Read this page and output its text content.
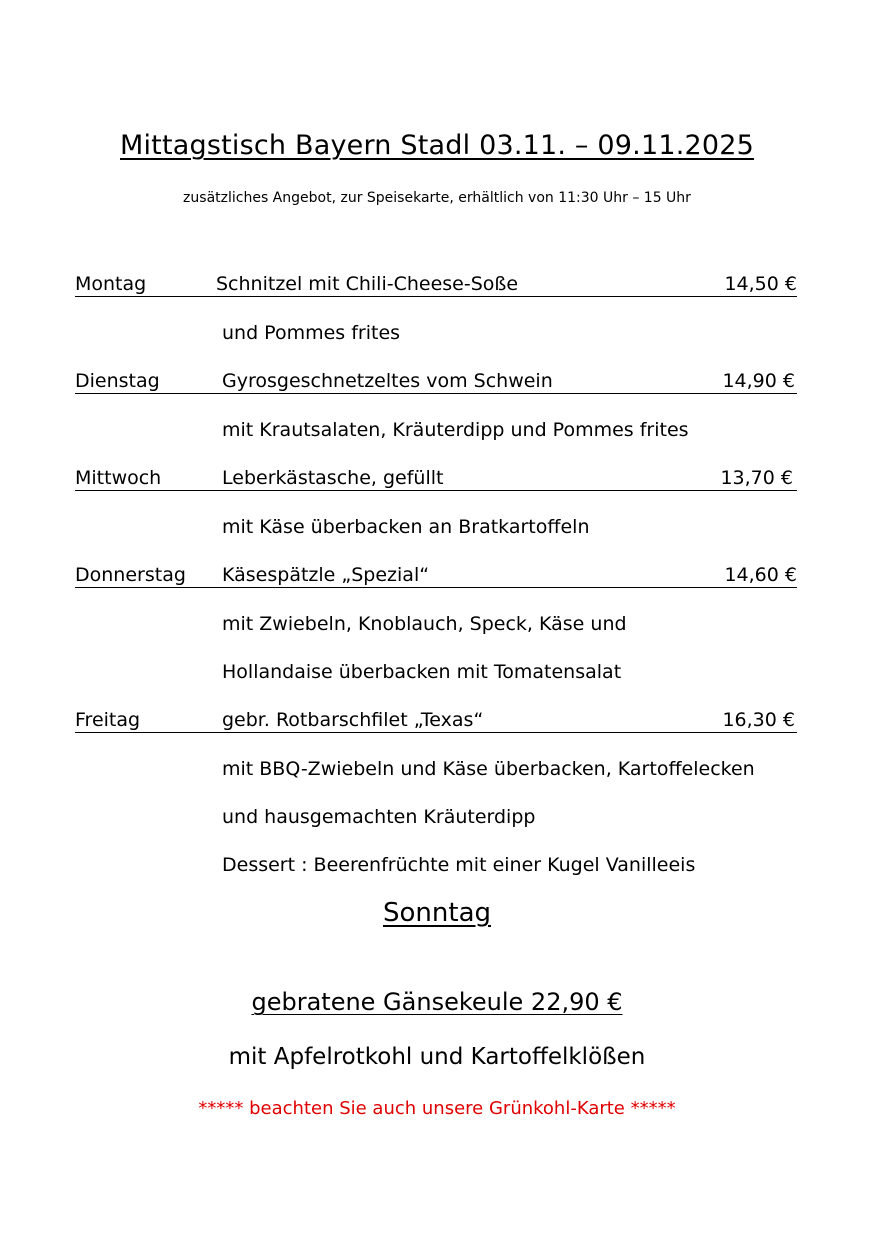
Mittagstisch Bayern Stadl 03.11. – 09.11.2025
zusätzliches Angebot, zur Speisekarte, erhältlich von 11:30 Uhr – 15 Uhr
Montag	Schnitzel mit Chili-Cheese-Soße	14,50 €
und Pommes frites
Dienstag	Gyrosgeschnetzeltes vom Schwein	14,90 €
mit Krautsalaten, Kräuterdipp und Pommes frites
Mittwoch	Leberkästasche, gefüllt	13,70 €
mit Käse überbacken an Bratkartoffeln
Donnerstag Käsespätzle „Spezial“	14,60 €
mit Zwiebeln, Knoblauch, Speck, Käse und
Hollandaise überbacken mit Tomatensalat
Freitag	gebr. Rotbarschfilet „Texas“	16,30 €
mit BBQ-Zwiebeln und Käse überbacken, Kartoffelecken
und hausgemachten Kräuterdipp
Dessert : Beerenfrüchte mit einer Kugel Vanilleeis
Sonntag
gebratene Gänsekeule 22,90 €
mit Apfelrotkohl und Kartoffelklößen
***** beachten Sie auch unsere Grünkohl-Karte *****
